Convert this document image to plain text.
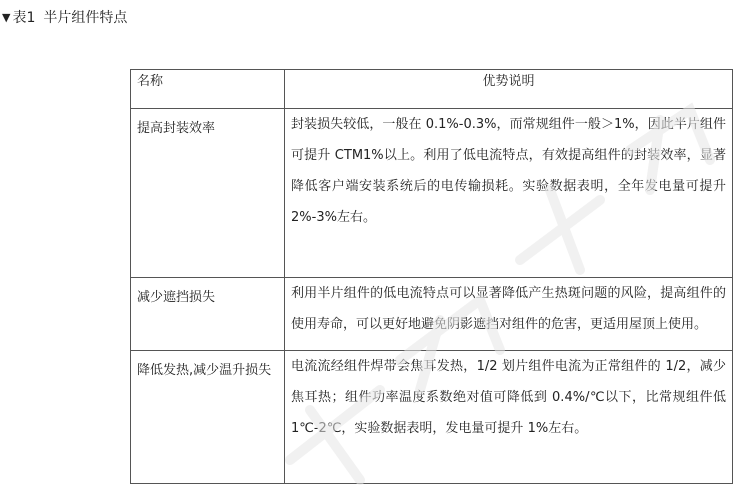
▼ 表1 半片组件特点
名称	优势说明
提高封装效率	封装损失较低，一般在 0.1%-0.3%，而常规组件一般＞1%，因此半片组件可提升 CTM1%以上。利用了低电流特点，有效提高组件的封装效率，显著降低客户端安装系统后的电传输损耗。实验数据表明，全年发电量可提升 2%-3%左右。
减少遮挡损失	利用半片组件的低电流特点可以显著降低产生热斑问题的风险，提高组件的使用寿命，可以更好地避免阴影遮挡对组件的危害，更适用屋顶上使用。
降低发热,减少温升损失	电流流经组件焊带会焦耳发热，1/2 划片组件电流为正常组件的 1/2，减少焦耳热；组件功率温度系数绝对值可降低到 0.4%/℃以下，比常规组件低 1℃-2℃，实验数据表明，发电量可提升 1%左右。
